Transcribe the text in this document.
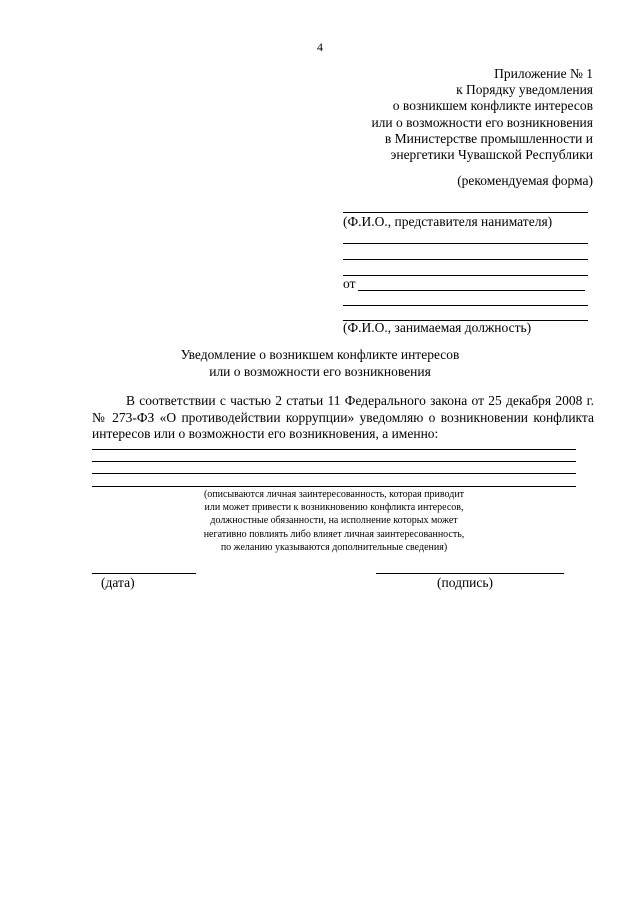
4
Приложение № 1
к Порядку уведомления
о возникшем конфликте интересов
или о возможности его возникновения
в Министерстве промышленности и
энергетики Чувашской Республики
(рекомендуемая форма)
(Ф.И.О., представителя нанимателя)
от
(Ф.И.О., занимаемая должность)
Уведомление о возникшем конфликте интересов
или о возможности его возникновения

В соответствии с частью 2 статьи 11 Федерального закона от 25 декабря 2008 г. № 273-ФЗ «О противодействии коррупции» уведомляю о возникновении конфликта интересов или о возможности его возникновения, а именно:

(описываются личная заинтересованность, которая приводит
или может привести к возникновению конфликта интересов,
должностные обязанности, на исполнение которых может
негативно повлиять либо влияет личная заинтересованность,
по желанию указываются дополнительные сведения)
(дата)	(подпись)
